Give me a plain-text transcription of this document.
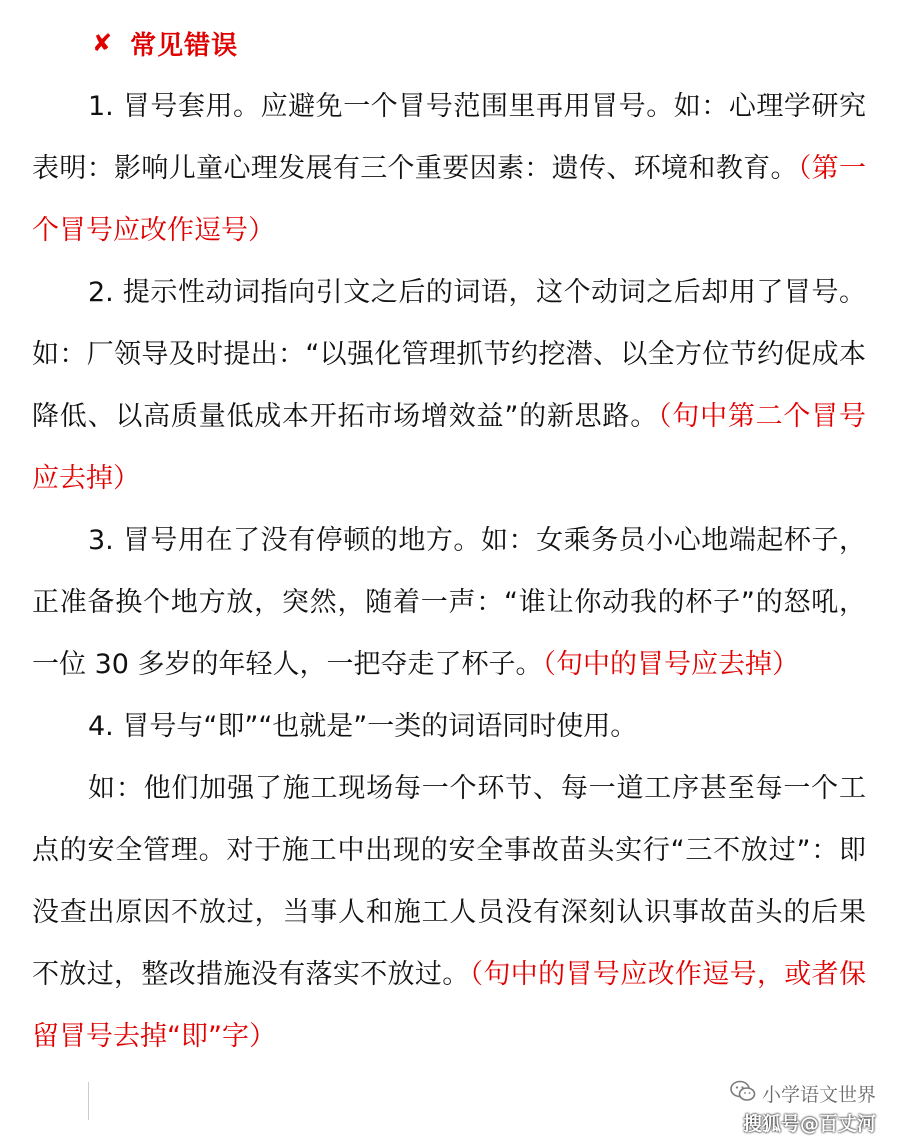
✘ 常见错误

1. 冒号套用。应避免一个冒号范围里再用冒号。如：心理学研究表明：影响儿童心理发展有三个重要因素：遗传、环境和教育。（第一个冒号应改作逗号）

2. 提示性动词指向引文之后的词语，这个动词之后却用了冒号。如：厂领导及时提出：“以强化管理抓节约挖潜、以全方位节约促成本降低、以高质量低成本开拓市场增效益”的新思路。（句中第二个冒号应去掉）

3. 冒号用在了没有停顿的地方。如：女乘务员小心地端起杯子，正准备换个地方放，突然，随着一声：“谁让你动我的杯子”的怒吼，一位 30 多岁的年轻人，一把夺走了杯子。（句中的冒号应去掉）

4. 冒号与“即”“也就是”一类的词语同时使用。

如：他们加强了施工现场每一个环节、每一道工序甚至每一个工点的安全管理。对于施工中出现的安全事故苗头实行“三不放过”：即没查出原因不放过，当事人和施工人员没有深刻认识事故苗头的后果不放过，整改措施没有落实不放过。（句中的冒号应改作逗号，或者保留冒号去掉“即”字）

小学语文世界
搜狐号@百丈河
